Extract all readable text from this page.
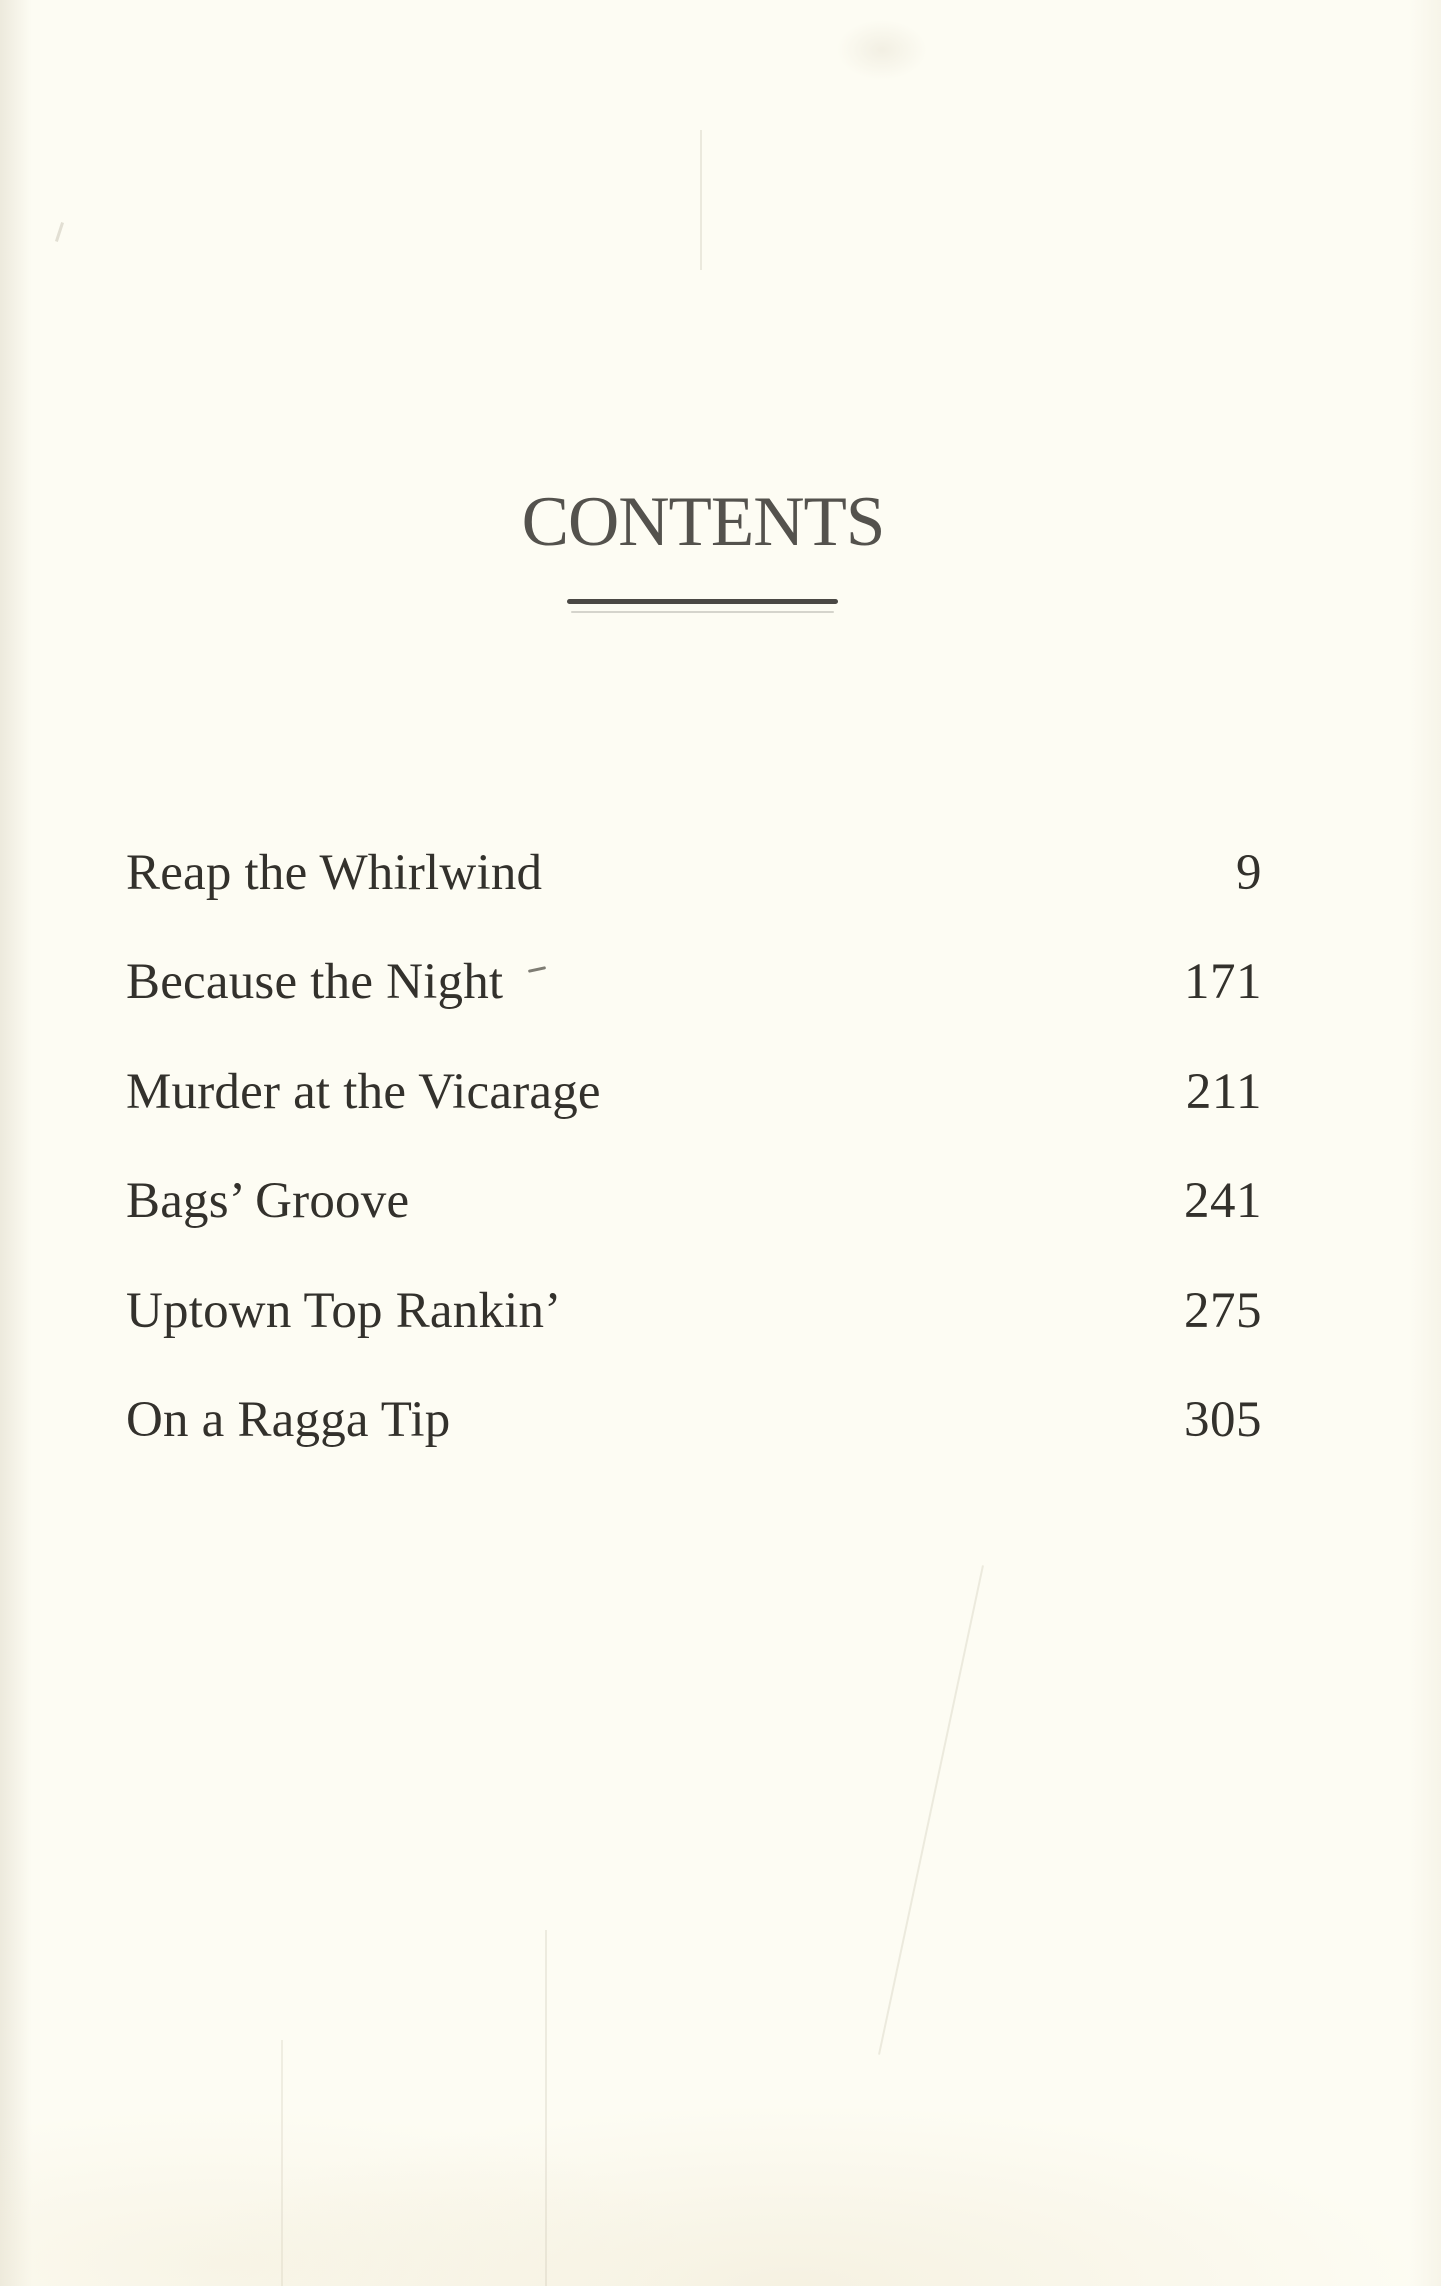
CONTENTS
Reap the Whirlwind	9
Because the Night	171
Murder at the Vicarage	211
Bags’ Groove	241
Uptown Top Rankin’	275
On a Ragga Tip	305
